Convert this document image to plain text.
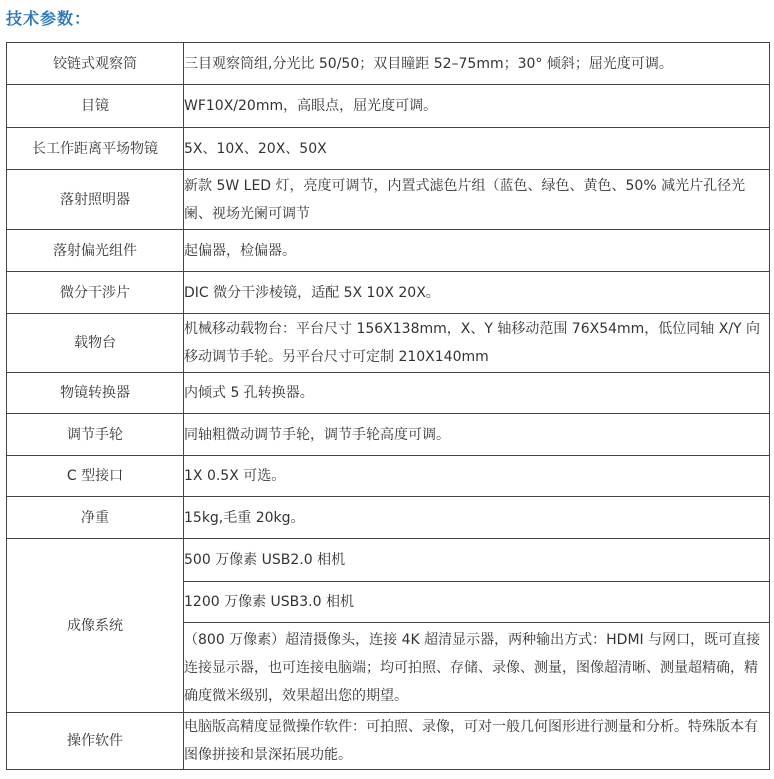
技术参数：
铰链式观察筒	三目观察筒组,分光比 50/50；双目瞳距 52–75mm；30° 倾斜；屈光度可调。
目镜	WF10X/20mm，高眼点，屈光度可调。
长工作距离平场物镜	5X、10X、20X、50X
落射照明器	新款 5W LED 灯，亮度可调节，内置式滤色片组（蓝色、绿色、黄色、50% 减光片孔径光阑、视场光阑可调节
落射偏光组件	起偏器，检偏器。
微分干涉片	DIC 微分干涉棱镜，适配 5X 10X 20X。
载物台	机械移动载物台：平台尺寸 156X138mm，X、Y 轴移动范围 76X54mm，低位同轴 X/Y 向移动调节手轮。另平台尺寸可定制 210X140mm
物镜转换器	内倾式 5 孔转换器。
调节手轮	同轴粗微动调节手轮，调节手轮高度可调。
C 型接口	1X 0.5X 可选。
净重	15kg,毛重 20kg。
成像系统	500 万像素 USB2.0 相机
	1200 万像素 USB3.0 相机
	（800 万像素）超清摄像头，连接 4K 超清显示器，两种输出方式：HDMI 与网口，既可直接连接显示器，也可连接电脑端；均可拍照、存储、录像、测量，图像超清晰、测量超精确，精确度微米级别，效果超出您的期望。
操作软件	电脑版高精度显微操作软件：可拍照、录像，可对一般几何图形进行测量和分析。特殊版本有图像拼接和景深拓展功能。
